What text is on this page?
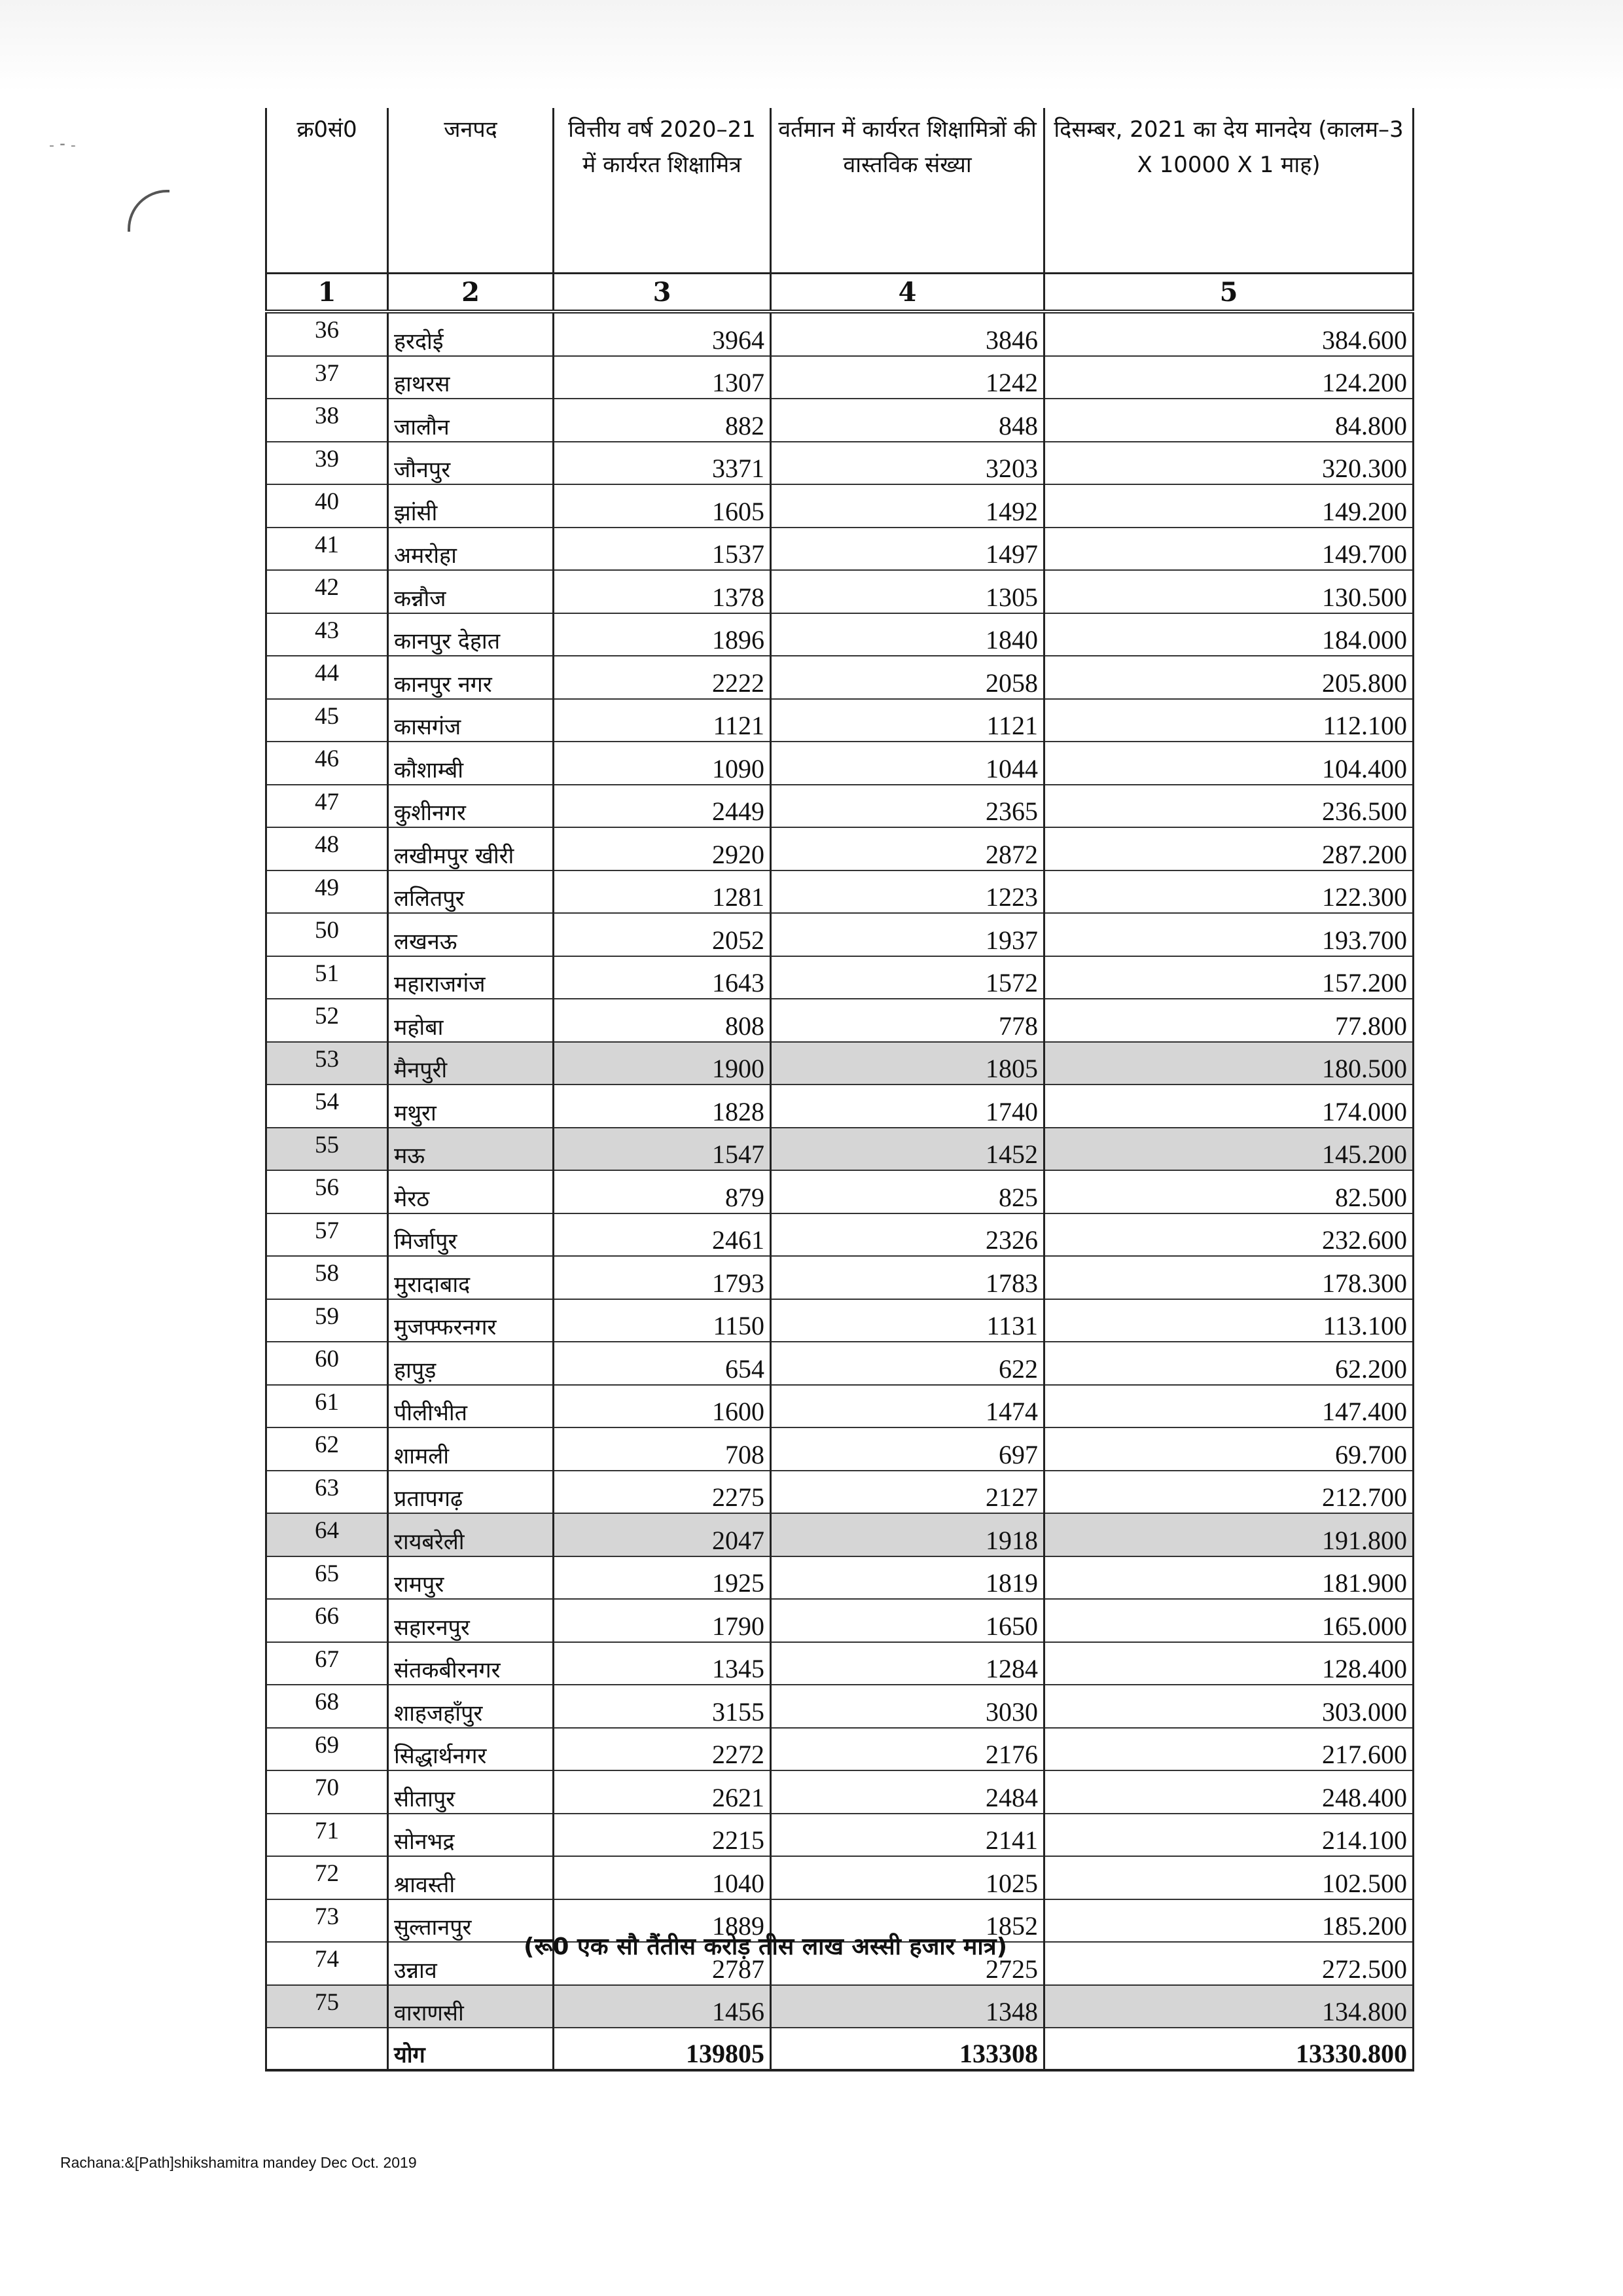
- ⁃ -
क्र0सं0	जनपद	वित्तीय वर्ष 2020–21 में कार्यरत शिक्षामित्र	वर्तमान में कार्यरत शिक्षामित्रों की वास्तविक संख्या	दिसम्बर, 2021 का देय मानदेय (कालम–3 X 10000 X 1 माह)
1	2	3	4	5
36	हरदोई	3964	3846	384.600
37	हाथरस	1307	1242	124.200
38	जालौन	882	848	84.800
39	जौनपुर	3371	3203	320.300
40	झांसी	1605	1492	149.200
41	अमरोहा	1537	1497	149.700
42	कन्नौज	1378	1305	130.500
43	कानपुर देहात	1896	1840	184.000
44	कानपुर नगर	2222	2058	205.800
45	कासगंज	1121	1121	112.100
46	कौशाम्बी	1090	1044	104.400
47	कुशीनगर	2449	2365	236.500
48	लखीमपुर खीरी	2920	2872	287.200
49	ललितपुर	1281	1223	122.300
50	लखनऊ	2052	1937	193.700
51	महाराजगंज	1643	1572	157.200
52	महोबा	808	778	77.800
53	मैनपुरी	1900	1805	180.500
54	मथुरा	1828	1740	174.000
55	मऊ	1547	1452	145.200
56	मेरठ	879	825	82.500
57	मिर्जापुर	2461	2326	232.600
58	मुरादाबाद	1793	1783	178.300
59	मुजफ्फरनगर	1150	1131	113.100
60	हापुड़	654	622	62.200
61	पीलीभीत	1600	1474	147.400
62	शामली	708	697	69.700
63	प्रतापगढ़	2275	2127	212.700
64	रायबरेली	2047	1918	191.800
65	रामपुर	1925	1819	181.900
66	सहारनपुर	1790	1650	165.000
67	संतकबीरनगर	1345	1284	128.400
68	शाहजहाँपुर	3155	3030	303.000
69	सिद्धार्थनगर	2272	2176	217.600
70	सीतापुर	2621	2484	248.400
71	सोनभद्र	2215	2141	214.100
72	श्रावस्ती	1040	1025	102.500
73	सुल्तानपुर	1889	1852	185.200
74	उन्नाव	2787	2725	272.500
75	वाराणसी	1456	1348	134.800
	योग	139805	133308	13330.800
(रू0 एक सौ तैंतीस करोड़ तीस लाख अस्सी हजार मात्र)
Rachana:&[Path]shikshamitra mandey Dec Oct. 2019
